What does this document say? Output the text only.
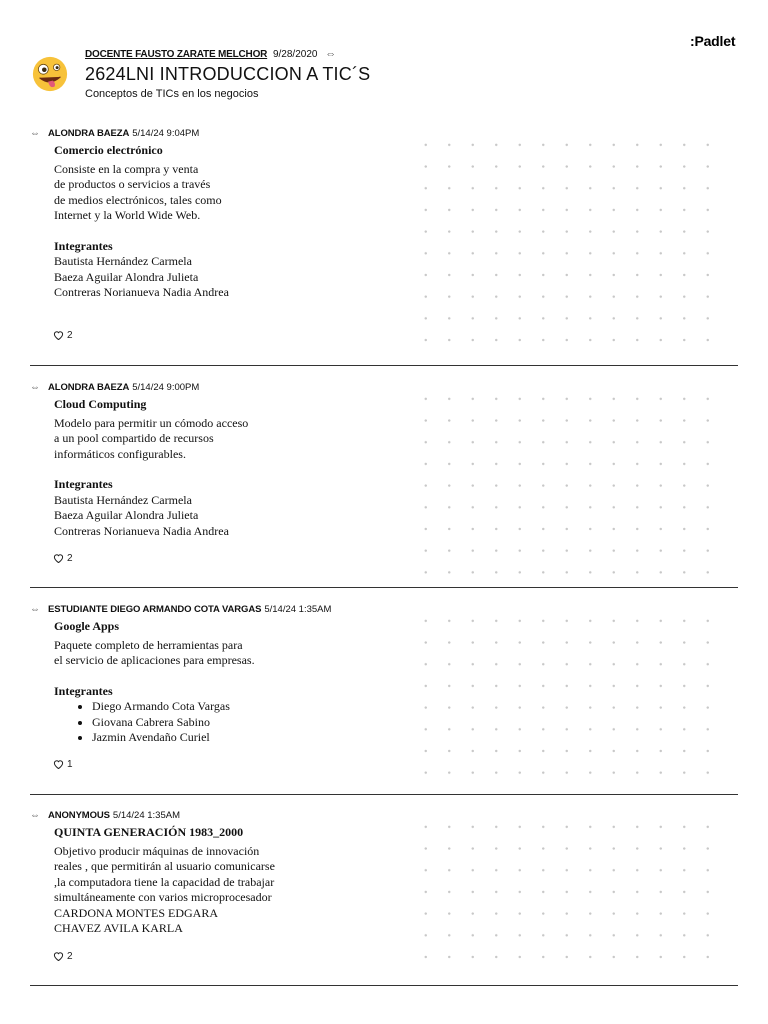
:Padlet
DOCENTE FAUSTO ZARATE MELCHOR 9/28/2020 ⇔
2624LNI INTRODUCCION A TIC´S
Conceptos de TICs en los negocios
⇔ ALONDRA BAEZA 5/14/24 9:04PM
Comercio electrónico
Consiste en la compra y venta
de productos o servicios a través
de medios electrónicos, tales como
Internet y la World Wide Web.
Integrantes
Bautista Hernández Carmela
Baeza Aguilar Alondra Julieta
Contreras Norianueva Nadia Andrea
2
⇔ ALONDRA BAEZA 5/14/24 9:00PM
Cloud Computing
Modelo para permitir un cómodo acceso
a un pool compartido de recursos
informáticos configurables.
Integrantes
Bautista Hernández Carmela
Baeza Aguilar Alondra Julieta
Contreras Norianueva Nadia Andrea
2
⇔ ESTUDIANTE DIEGO ARMANDO COTA VARGAS 5/14/24 1:35AM
Google Apps
Paquete completo de herramientas para
el servicio de aplicaciones para empresas.
Integrantes
• Diego Armando Cota Vargas
• Giovana Cabrera Sabino
• Jazmin Avendaño Curiel
1
⇔ ANONYMOUS 5/14/24 1:35AM
QUINTA GENERACIÓN 1983_2000
Objetivo producir máquinas de innovación
reales , que permitirán al usuario comunicarse
,la computadora tiene la capacidad de trabajar
simultáneamente con varios microprocesador
CARDONA MONTES EDGARA
CHAVEZ AVILA KARLA
2
